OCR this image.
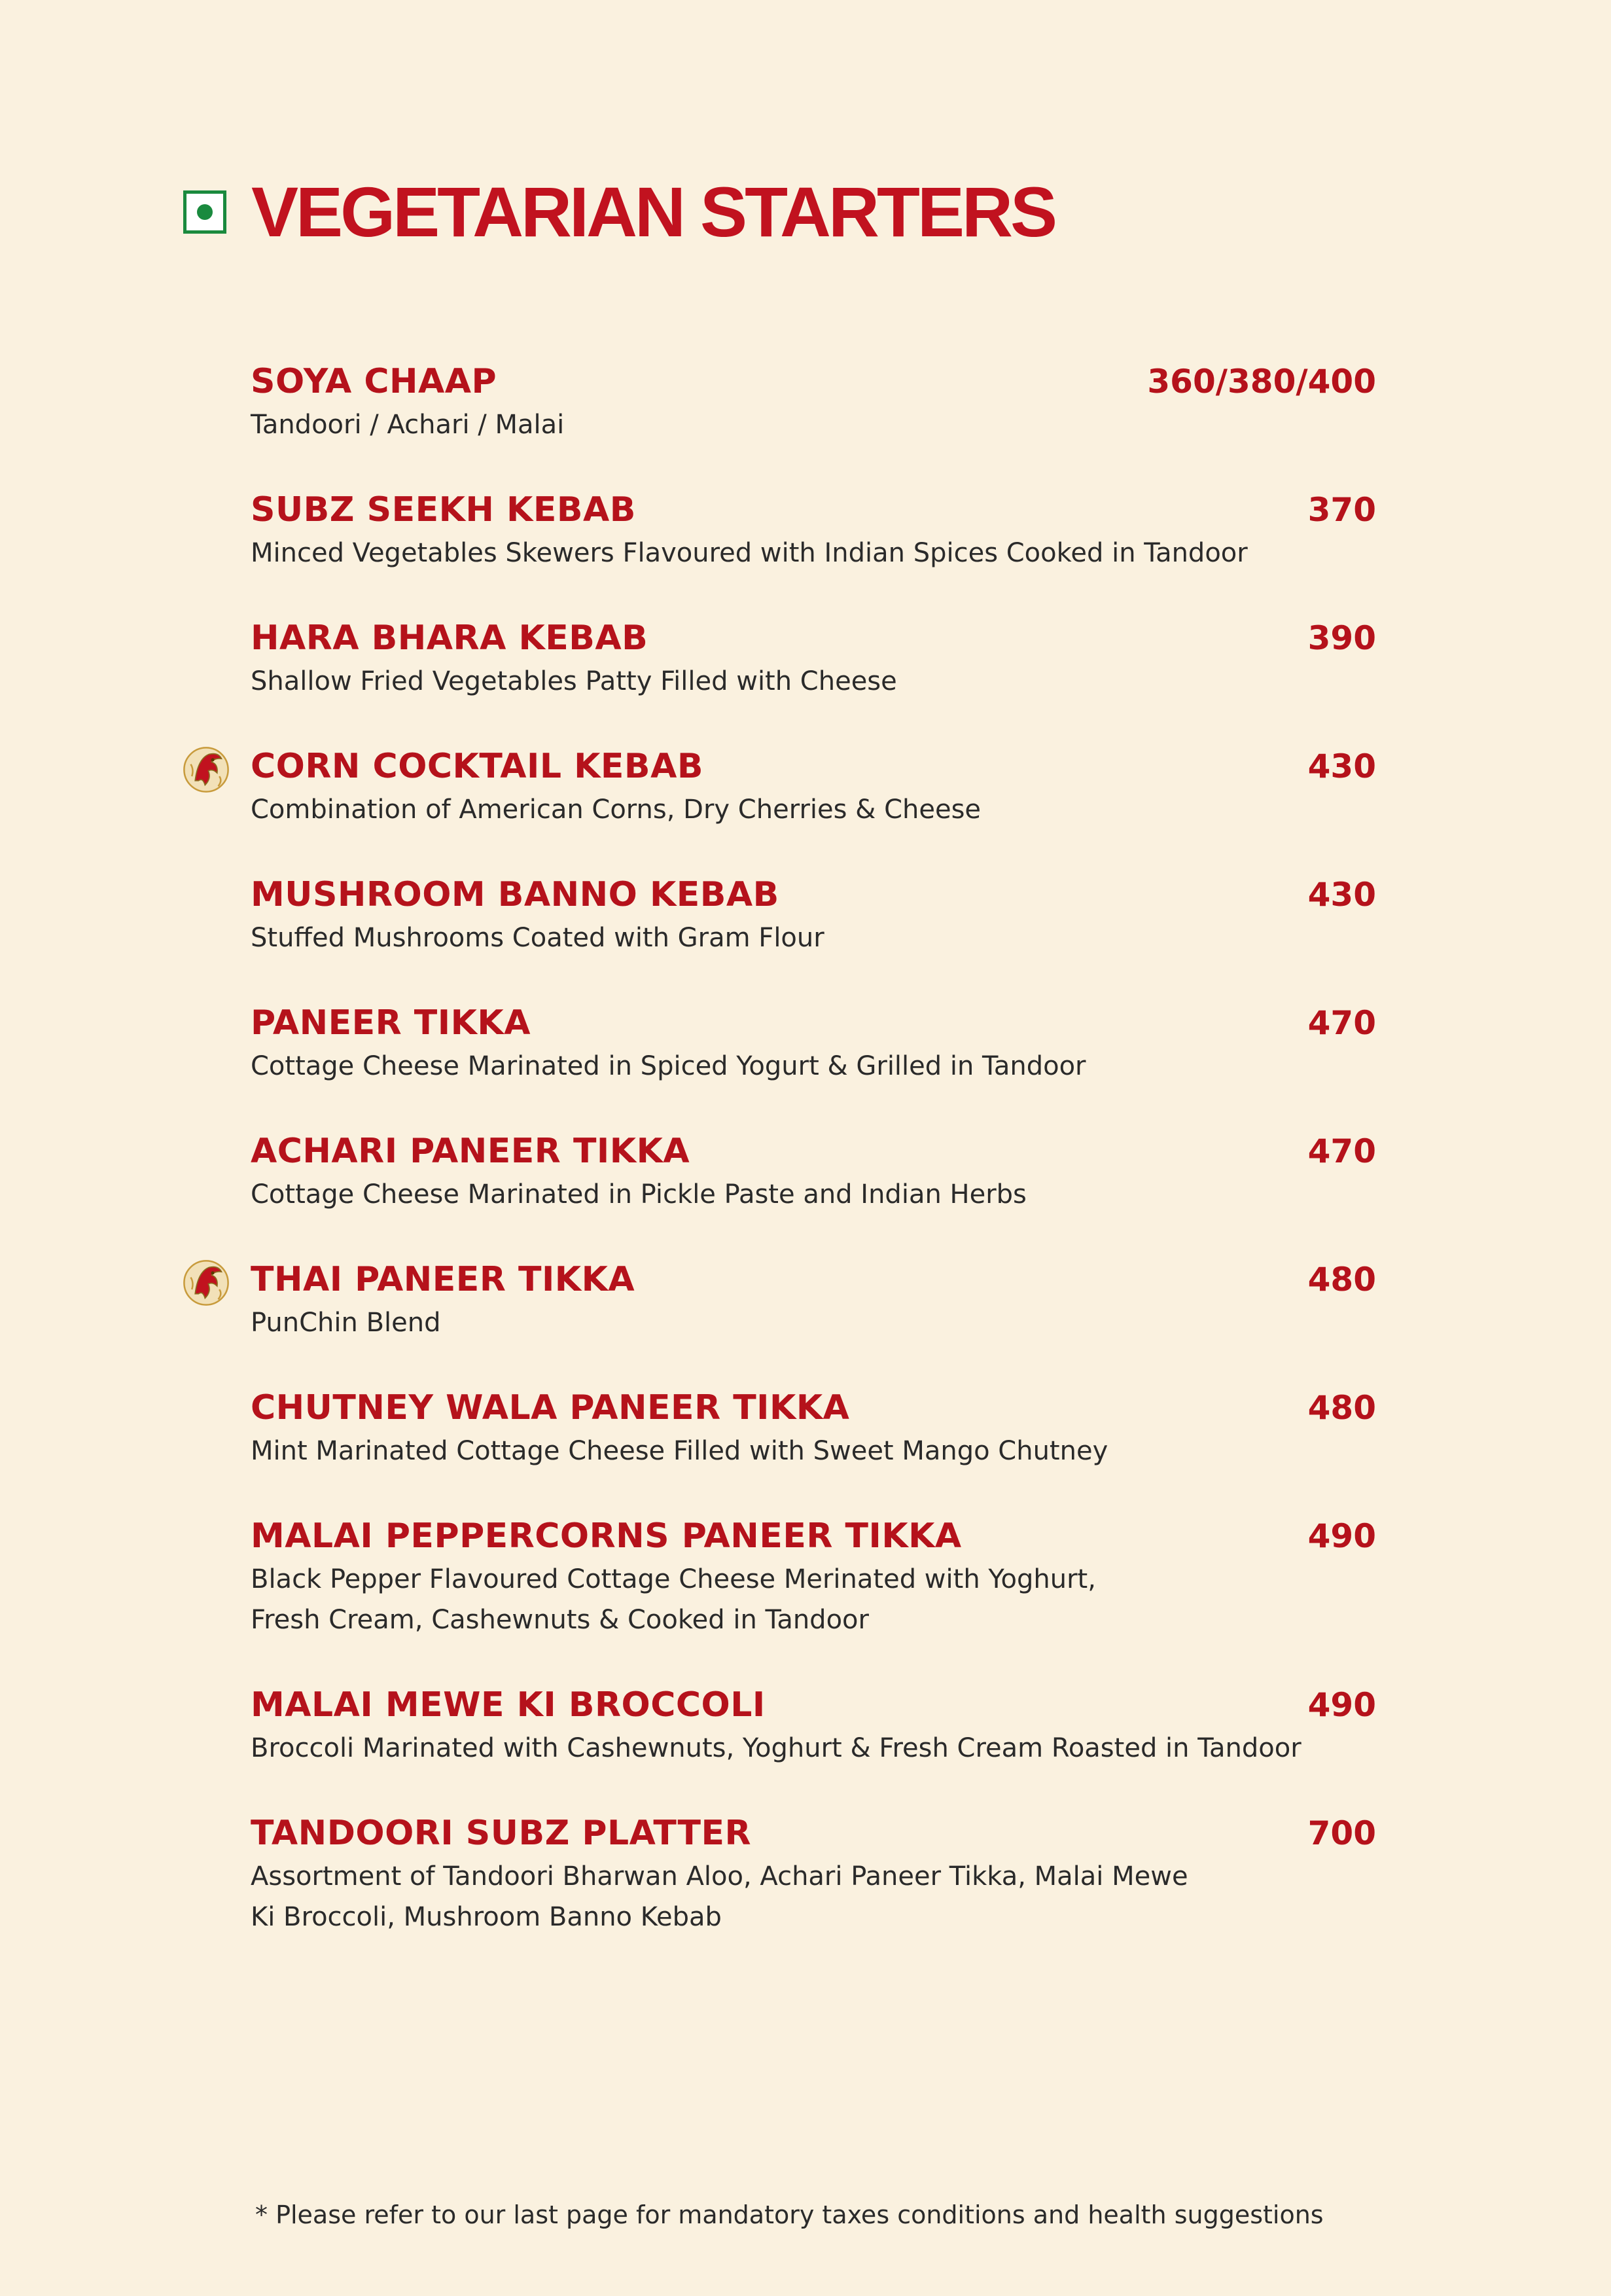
VEGETARIAN STARTERS
SOYA CHAAP	360/380/400
Tandoori / Achari / Malai
SUBZ SEEKH KEBAB	370
Minced Vegetables Skewers Flavoured with Indian Spices Cooked in Tandoor
HARA BHARA KEBAB	390
Shallow Fried Vegetables Patty Filled with Cheese
CORN COCKTAIL KEBAB	430
Combination of American Corns, Dry Cherries & Cheese
MUSHROOM BANNO KEBAB	430
Stuffed Mushrooms Coated with Gram Flour
PANEER TIKKA	470
Cottage Cheese Marinated in Spiced Yogurt & Grilled in Tandoor
ACHARI PANEER TIKKA	470
Cottage Cheese Marinated in Pickle Paste and Indian Herbs
THAI PANEER TIKKA	480
PunChin Blend
CHUTNEY WALA PANEER TIKKA	480
Mint Marinated Cottage Cheese Filled with Sweet Mango Chutney
MALAI PEPPERCORNS PANEER TIKKA	490
Black Pepper Flavoured Cottage Cheese Merinated with Yoghurt,
Fresh Cream, Cashewnuts & Cooked in Tandoor
MALAI MEWE KI BROCCOLI	490
Broccoli Marinated with Cashewnuts, Yoghurt & Fresh Cream Roasted in Tandoor
TANDOORI SUBZ PLATTER	700
Assortment of Tandoori Bharwan Aloo, Achari Paneer Tikka, Malai Mewe
Ki Broccoli, Mushroom Banno Kebab
* Please refer to our last page for mandatory taxes conditions and health suggestions
